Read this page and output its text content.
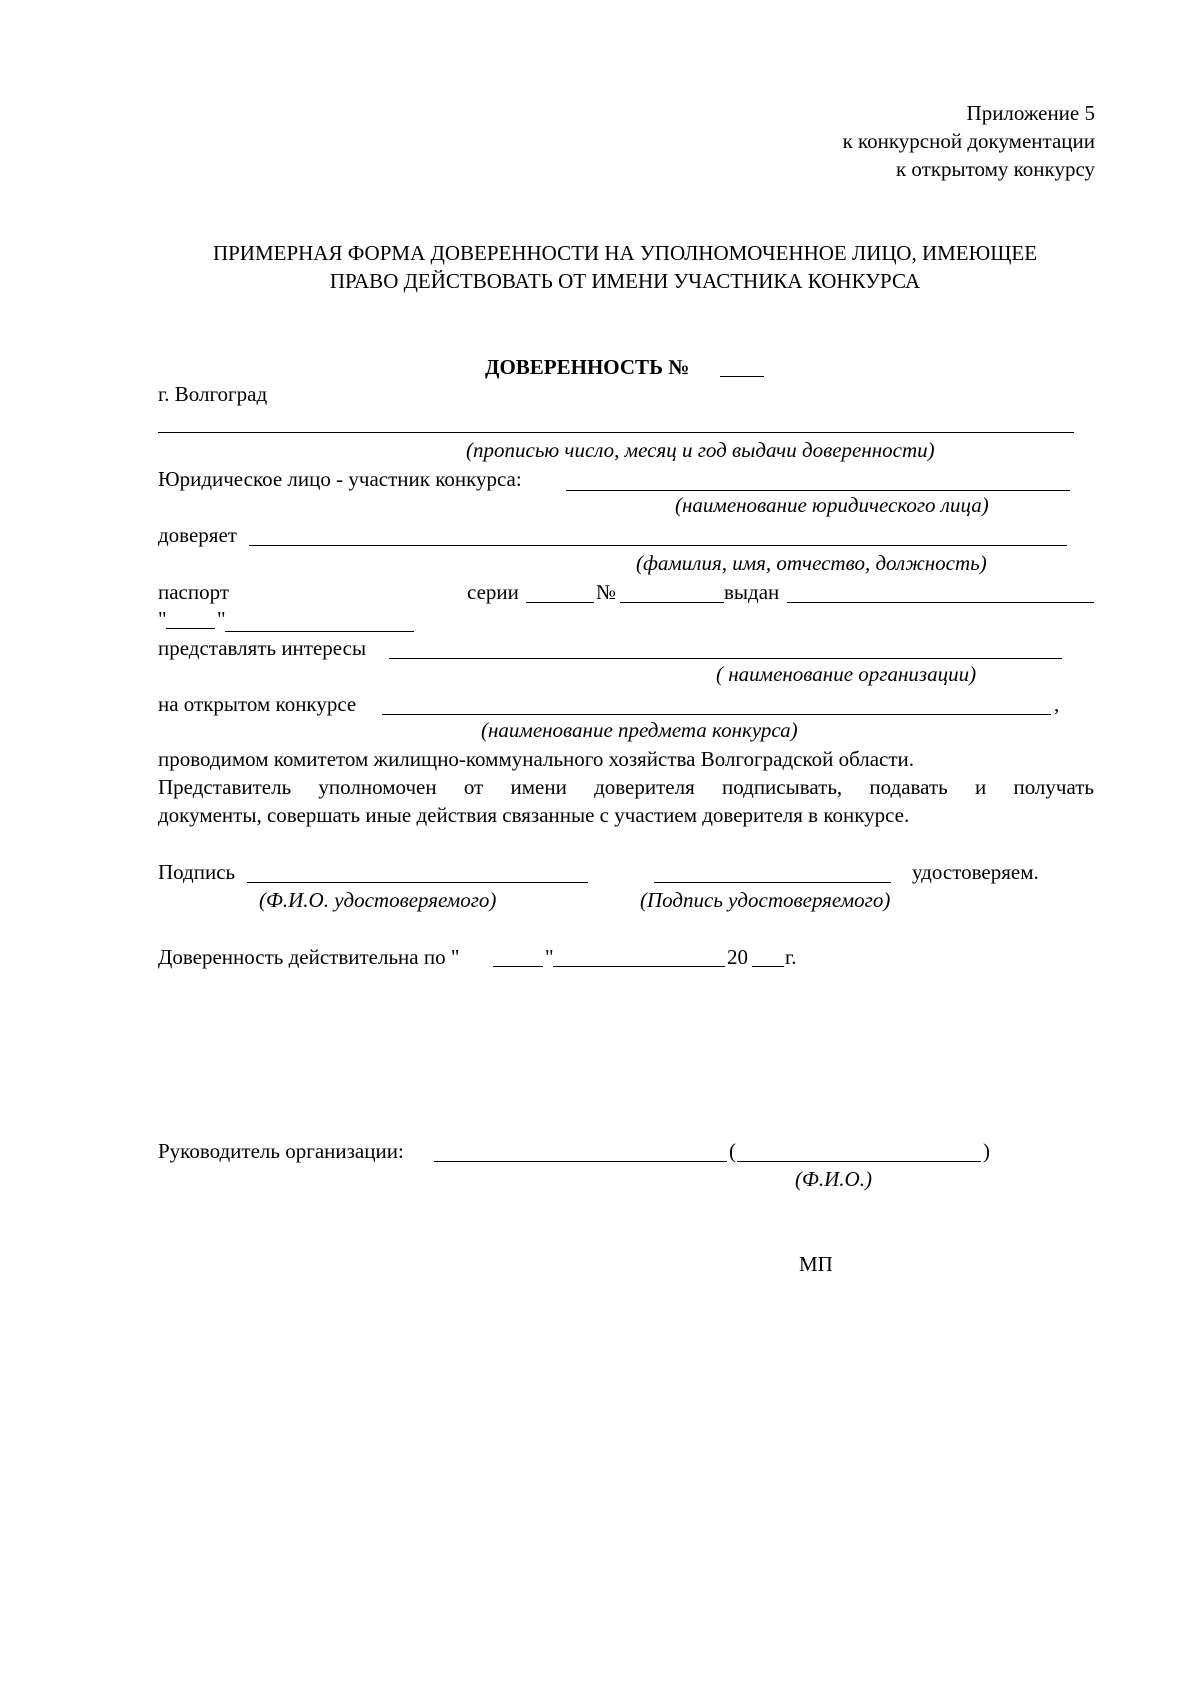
Приложение 5
к конкурсной документации
к открытому конкурсу
ПРИМЕРНАЯ ФОРМА ДОВЕРЕННОСТИ НА УПОЛНОМОЧЕННОЕ ЛИЦО, ИМЕЮЩЕЕ
ПРАВО ДЕЙСТВОВАТЬ ОТ ИМЕНИ УЧАСТНИКА КОНКУРСА
ДОВЕРЕННОСТЬ №
г. Волгоград
(прописью число, месяц и год выдачи доверенности)
Юридическое лицо - участник конкурса:
(наименование юридического лица)
доверяет
(фамилия, имя, отчество, должность)
паспорт	серии	№	выдан
" "
представлять интересы
( наименование организации)
на открытом конкурсе	,
(наименование предмета конкурса)
проводимом комитетом жилищно-коммунального хозяйства Волгоградской области.
Представитель уполномочен от имени доверителя подписывать, подавать и получать
документы, совершать иные действия связанные с участием доверителя в конкурсе.
Подпись	удостоверяем.
(Ф.И.О. удостоверяемого)	(Подпись удостоверяемого)
Доверенность действительна по "	"	20 г.
Руководитель организации:	(	)
(Ф.И.О.)
МП
